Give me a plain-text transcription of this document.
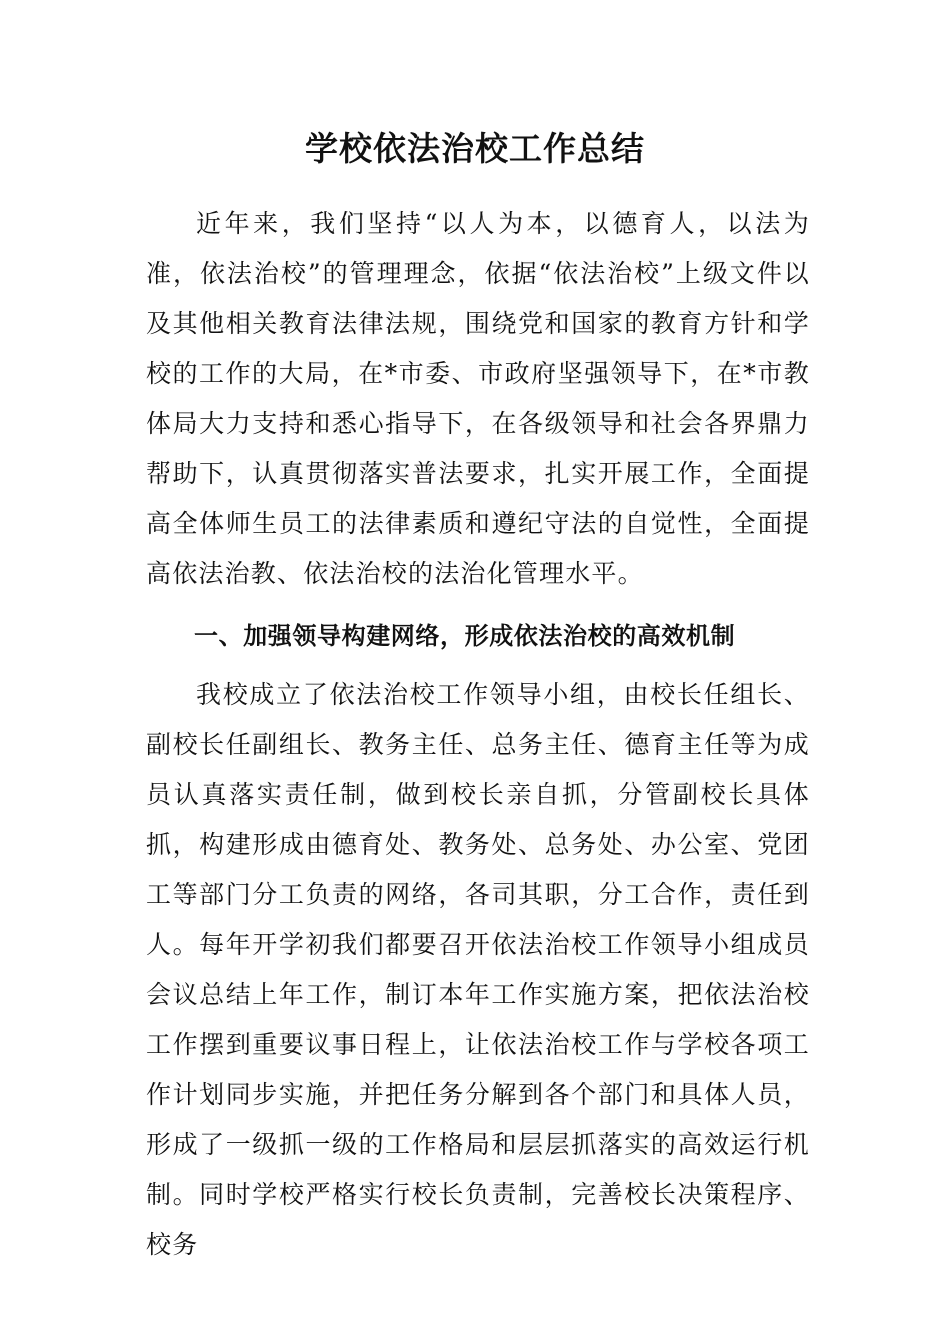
学校依法治校工作总结

近年来，我们坚持“以人为本，以德育人，以法为准，依法治校”的管理理念，依据“依法治校”上级文件以及其他相关教育法律法规，围绕党和国家的教育方针和学校的工作的大局，在*市委、市政府坚强领导下，在*市教体局大力支持和悉心指导下，在各级领导和社会各界鼎力帮助下，认真贯彻落实普法要求，扎实开展工作，全面提高全体师生员工的法律素质和遵纪守法的自觉性，全面提高依法治教、依法治校的法治化管理水平。

一、加强领导构建网络，形成依法治校的高效机制

我校成立了依法治校工作领导小组，由校长任组长、副校长任副组长、教务主任、总务主任、德育主任等为成员认真落实责任制，做到校长亲自抓，分管副校长具体抓，构建形成由德育处、教务处、总务处、办公室、党团工等部门分工负责的网络，各司其职，分工合作，责任到人。每年开学初我们都要召开依法治校工作领导小组成员会议总结上年工作，制订本年工作实施方案，把依法治校工作摆到重要议事日程上，让依法治校工作与学校各项工作计划同步实施，并把任务分解到各个部门和具体人员，形成了一级抓一级的工作格局和层层抓落实的高效运行机制。同时学校严格实行校长负责制，完善校长决策程序、校务
